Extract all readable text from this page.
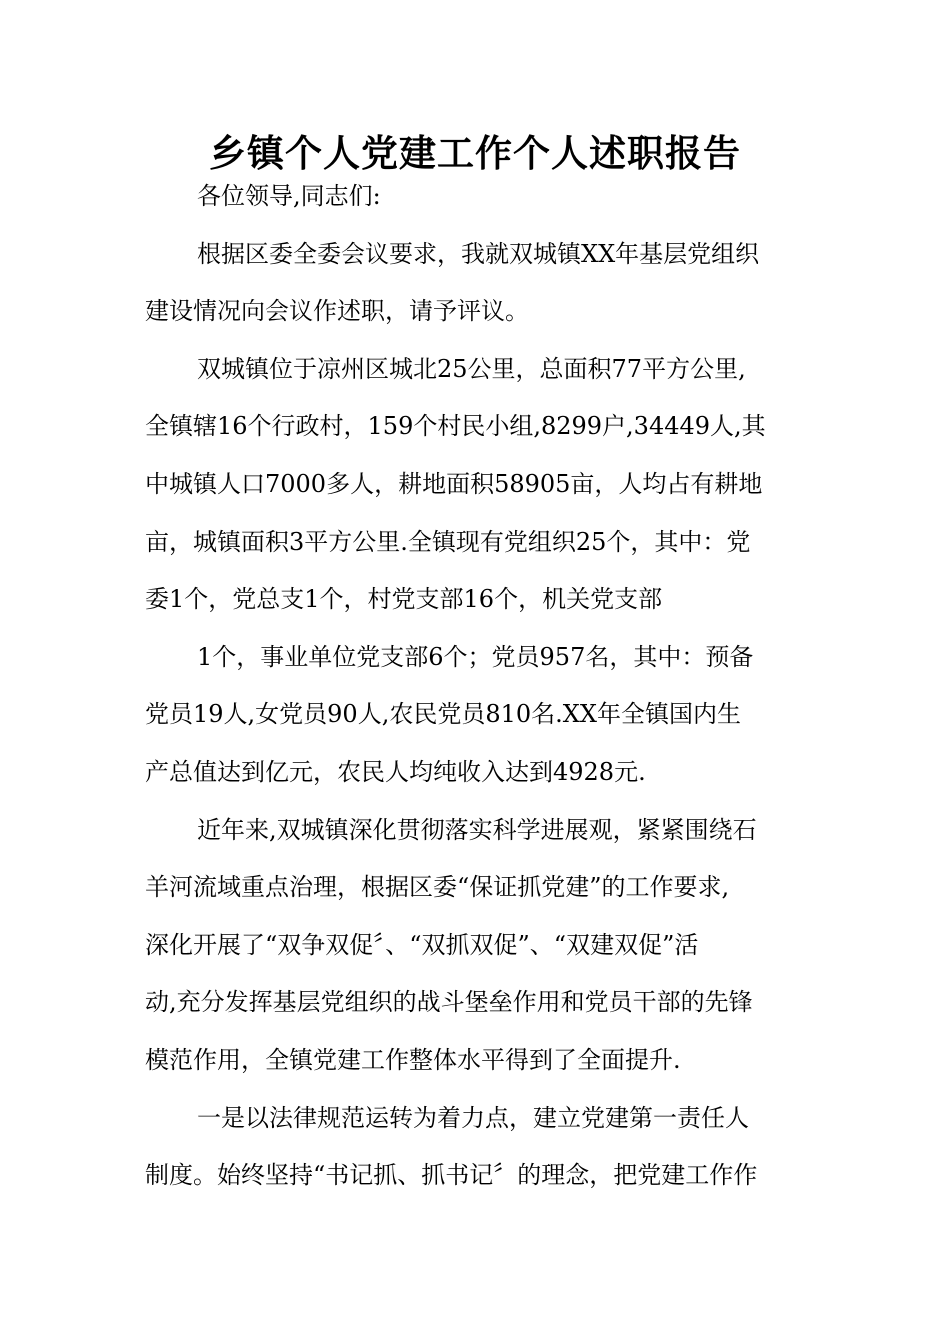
乡镇个人党建工作个人述职报告
各位领导,同志们:
根据区委全委会议要求，我就双城镇XX年基层党组织
建设情况向会议作述职，请予评议。
双城镇位于凉州区城北25公里，总面积77平方公里,
全镇辖16个行政村，159个村民小组,8299户,34449人,其
中城镇人口7000多人，耕地面积58905亩，人均占有耕地
亩，城镇面积3平方公里.全镇现有党组织25个，其中：党
委1个，党总支1个，村党支部16个，机关党支部
1个，事业单位党支部6个；党员957名，其中：预备
党员19人,女党员90人,农民党员810名.XX年全镇国内生
产总值达到亿元，农民人均纯收入达到4928元.
近年来,双城镇深化贯彻落实科学进展观，紧紧围绕石
羊河流域重点治理，根据区委“保证抓党建”的工作要求,
深化开展了“双争双促〞、“双抓双促”、“双建双促”活
动,充分发挥基层党组织的战斗堡垒作用和党员干部的先锋
模范作用，全镇党建工作整体水平得到了全面提升.
一是以法律规范运转为着力点，建立党建第一责任人
制度。始终坚持“书记抓、抓书记〞的理念，把党建工作作
